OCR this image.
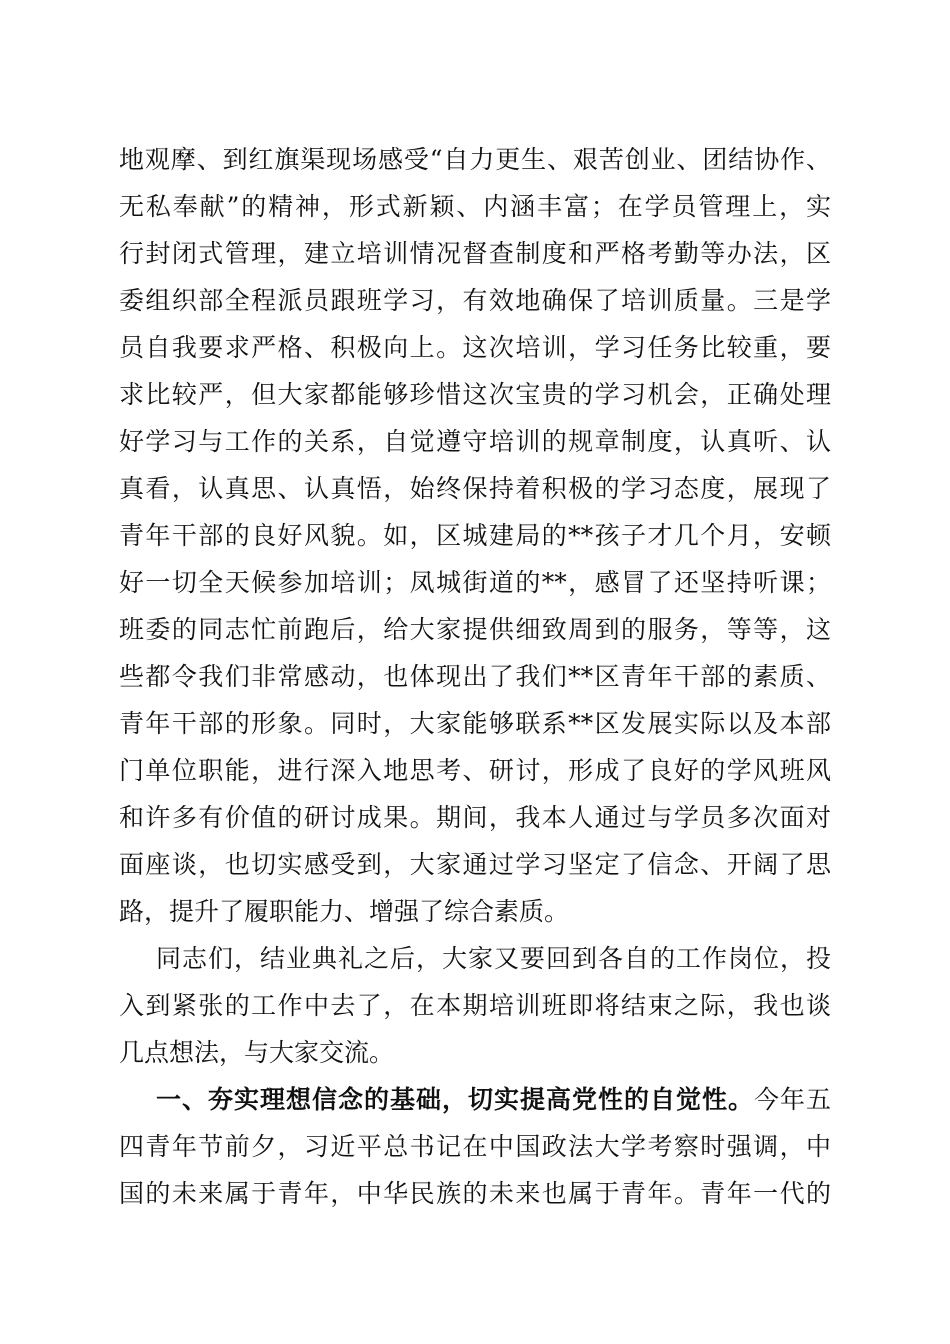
地观摩、到红旗渠现场感受“自力更生、艰苦创业、团结协作、
无私奉献”的精神，形式新颖、内涵丰富；在学员管理上，实
行封闭式管理，建立培训情况督查制度和严格考勤等办法，区
委组织部全程派员跟班学习，有效地确保了培训质量。三是学
员自我要求严格、积极向上。这次培训，学习任务比较重，要
求比较严，但大家都能够珍惜这次宝贵的学习机会，正确处理
好学习与工作的关系，自觉遵守培训的规章制度，认真听、认
真看，认真思、认真悟，始终保持着积极的学习态度，展现了
青年干部的良好风貌。如，区城建局的**孩子才几个月，安顿
好一切全天候参加培训；凤城街道的**，感冒了还坚持听课；
班委的同志忙前跑后，给大家提供细致周到的服务，等等，这
些都令我们非常感动，也体现出了我们**区青年干部的素质、
青年干部的形象。同时，大家能够联系**区发展实际以及本部
门单位职能，进行深入地思考、研讨，形成了良好的学风班风
和许多有价值的研讨成果。期间，我本人通过与学员多次面对
面座谈，也切实感受到，大家通过学习坚定了信念、开阔了思
路，提升了履职能力、增强了综合素质。
同志们，结业典礼之后，大家又要回到各自的工作岗位，投
入到紧张的工作中去了，在本期培训班即将结束之际，我也谈
几点想法，与大家交流。
一、夯实理想信念的基础，切实提高党性的自觉性。今年五
四青年节前夕，习近平总书记在中国政法大学考察时强调，中
国的未来属于青年，中华民族的未来也属于青年。青年一代的
